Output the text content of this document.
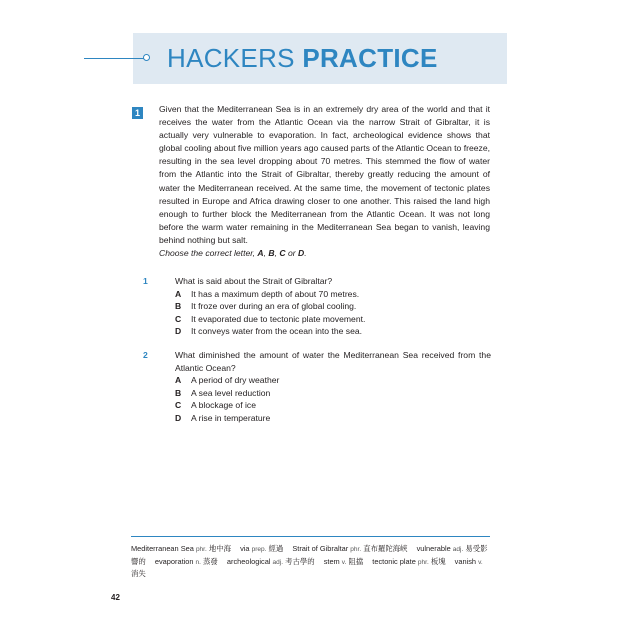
HACKERS PRACTICE
1	Given that the Mediterranean Sea is in an extremely dry area of the world and that it receives the water from the Atlantic Ocean via the narrow Strait of Gibraltar, it is actually very vulnerable to evaporation. In fact, archeological evidence shows that global cooling about five million years ago caused parts of the Atlantic Ocean to freeze, resulting in the sea level dropping about 70 metres. This stemmed the flow of water from the Atlantic into the Strait of Gibraltar, thereby greatly reducing the amount of water the Mediterranean received. At the same time, the movement of tectonic plates resulted in Europe and Africa drawing closer to one another. This raised the land high enough to further block the Mediterranean from the Atlantic Ocean. It was not long before the warm water remaining in the Mediterranean Sea began to vanish, leaving behind nothing but salt.

Choose the correct letter, A, B, C or D.

1	What is said about the Strait of Gibraltar?
A It has a maximum depth of about 70 metres.
B It froze over during an era of global cooling.
C It evaporated due to tectonic plate movement.
D It conveys water from the ocean into the sea.
2	What diminished the amount of water the Mediterranean Sea received from the Atlantic Ocean?
A A period of dry weather
B A sea level reduction
C A blockage of ice
D A rise in temperature

Mediterranean Sea phr. 地中海 via prep. 經過 Strait of Gibraltar phr. 直布羅陀海峽 vulnerable adj. 易受影響的 evaporation n. 蒸發 archeological adj. 考古學的 stem v. 阻擋 tectonic plate phr. 板塊 vanish v. 消失

42
